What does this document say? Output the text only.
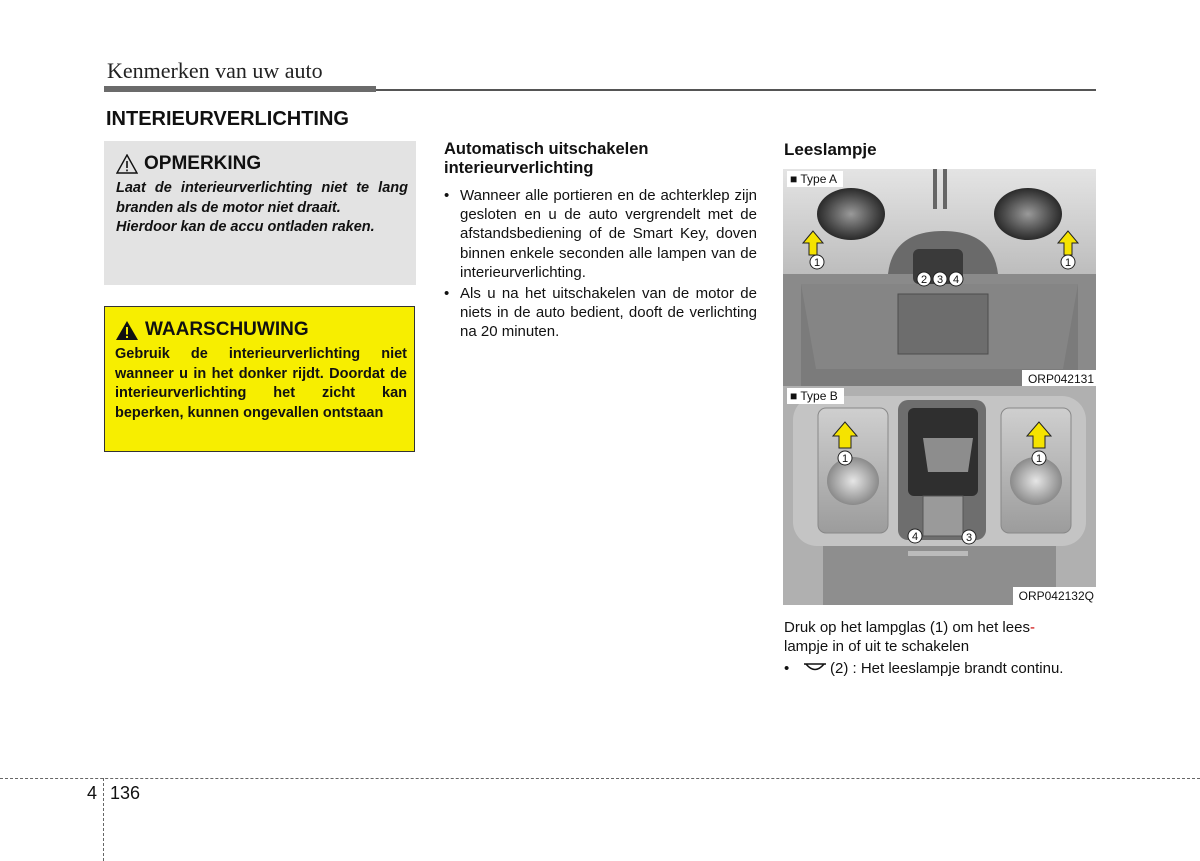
Kenmerken van uw auto
INTERIEURVERLICHTING
OPMERKING

Laat de interieurverlichting niet te lang branden als de motor niet draait.

Hierdoor kan de accu ontladen raken.

WAARSCHUWING
Gebruik de interieurverlichting niet wanneer u in het donker rijdt. Doordat de interieurverlichting het zicht kan beperken, kunnen ongevallen ontstaan
Automatisch uitschakelen interieurverlichting
• Wanneer alle portieren en de achterklep zijn gesloten en u de auto vergrendelt met de afstandsbediening of de Smart Key, doven binnen enkele seconden alle lampen van de interieurverlichting.
• Als u na het uitschakelen van de motor de niets in de auto bedient, dooft de verlichting na 20 minuten.
Leeslampje
1	1
2 3 4
■ Type A
ORP042131
1	1
4	3
■ Type B
ORP042132Q
Druk op het lampglas (1) om het lees-
lampje in of uit te schakelen
•	(2) : Het leeslampje brandt continu.
4 136
